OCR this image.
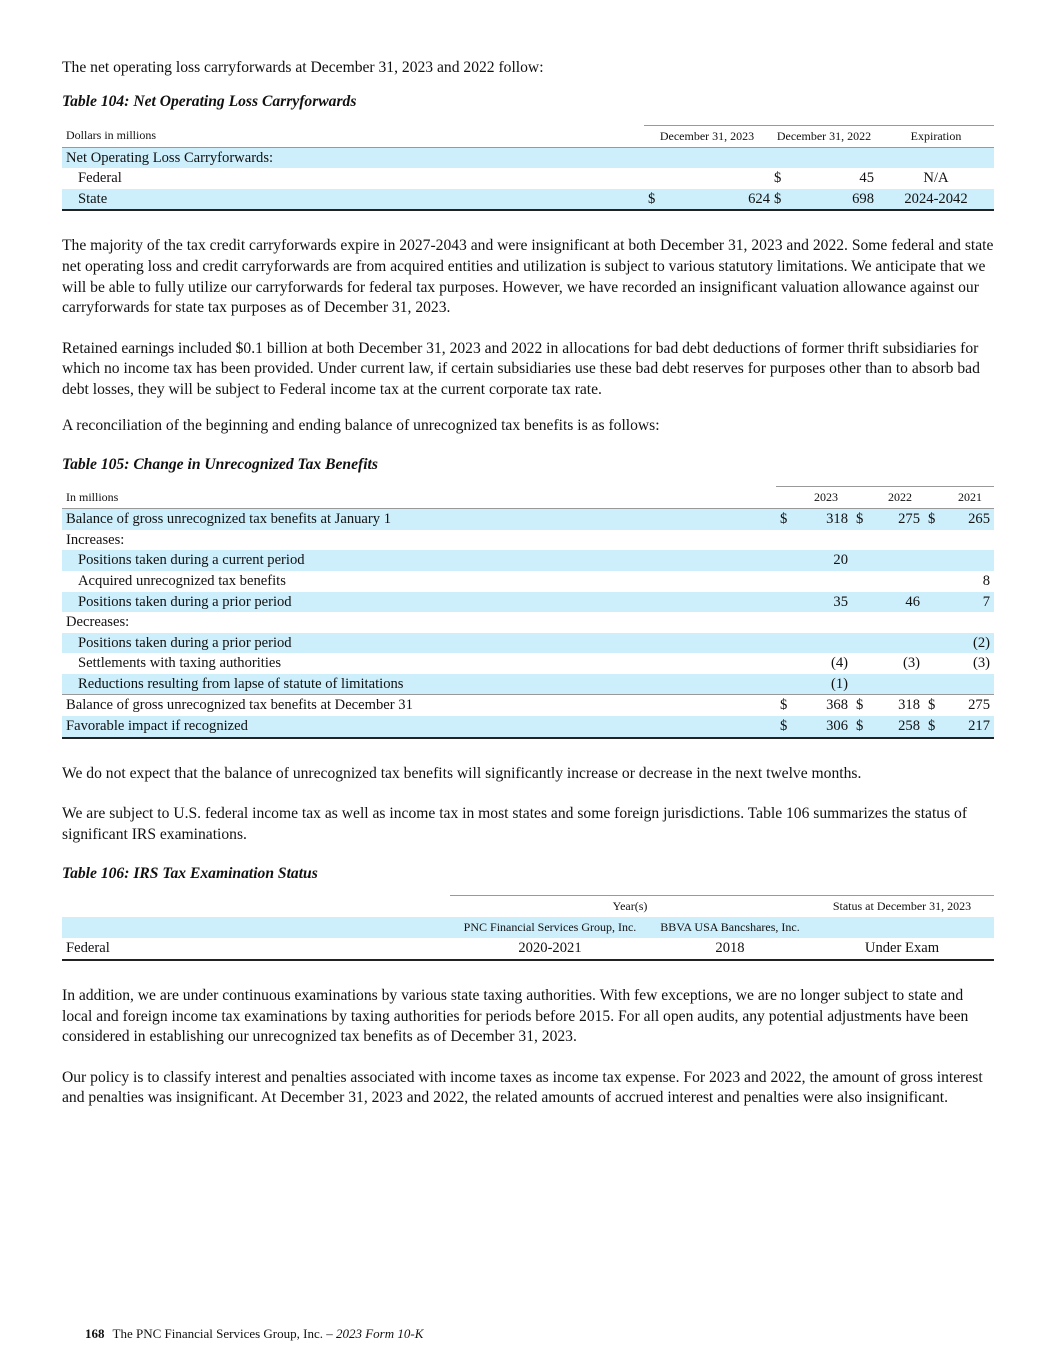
The net operating loss carryforwards at December 31, 2023 and 2022 follow:

Table 104: Net Operating Loss Carryforwards

Dollars in millions	December 31, 2023		December 31, 2022		Expiration
Net Operating Loss Carryforwards:					
Federal			$	45	N/A
State	$	624	$	698	2024-2042

The majority of the tax credit carryforwards expire in 2027-2043 and were insignificant at both December 31, 2023 and 2022. Some federal and state net operating loss and credit carryforwards are from acquired entities and utilization is subject to various statutory limitations. We anticipate that we will be able to fully utilize our carryforwards for federal tax purposes. However, we have recorded an insignificant valuation allowance against our carryforwards for state tax purposes as of December 31, 2023.

Retained earnings included $0.1 billion at both December 31, 2023 and 2022 in allocations for bad debt deductions of former thrift subsidiaries for which no income tax has been provided. Under current law, if certain subsidiaries use these bad debt reserves for purposes other than to absorb bad debt losses, they will be subject to Federal income tax at the current corporate tax rate.

A reconciliation of the beginning and ending balance of unrecognized tax benefits is as follows:

Table 105: Change in Unrecognized Tax Benefits

In millions	2023		2022		2021	
Balance of gross unrecognized tax benefits at January 1	$	318	$	275	$	265
Increases:						
Positions taken during a current period		20				
Acquired unrecognized tax benefits						8
Positions taken during a prior period		35		46		7
Decreases:						
Positions taken during a prior period						(2)
Settlements with taxing authorities		(4)		(3)		(3)
Reductions resulting from lapse of statute of limitations		(1)				
Balance of gross unrecognized tax benefits at December 31	$	368	$	318	$	275
Favorable impact if recognized	$	306	$	258	$	217

We do not expect that the balance of unrecognized tax benefits will significantly increase or decrease in the next twelve months.

We are subject to U.S. federal income tax as well as income tax in most states and some foreign jurisdictions. Table 106 summarizes the status of significant IRS examinations.

Table 106: IRS Tax Examination Status

	Year(s)		Status at December 31, 2023
	PNC Financial Services Group, Inc.	BBVA USA Bancshares, Inc.	
Federal	2020-2021	2018	Under Exam

In addition, we are under continuous examinations by various state taxing authorities. With few exceptions, we are no longer subject to state and local and foreign income tax examinations by taxing authorities for periods before 2015. For all open audits, any potential adjustments have been considered in establishing our unrecognized tax benefits as of December 31, 2023.

Our policy is to classify interest and penalties associated with income taxes as income tax expense. For 2023 and 2022, the amount of gross interest and penalties was insignificant. At December 31, 2023 and 2022, the related amounts of accrued interest and penalties were also insignificant.

168 The PNC Financial Services Group, Inc. – 2023 Form 10-K
